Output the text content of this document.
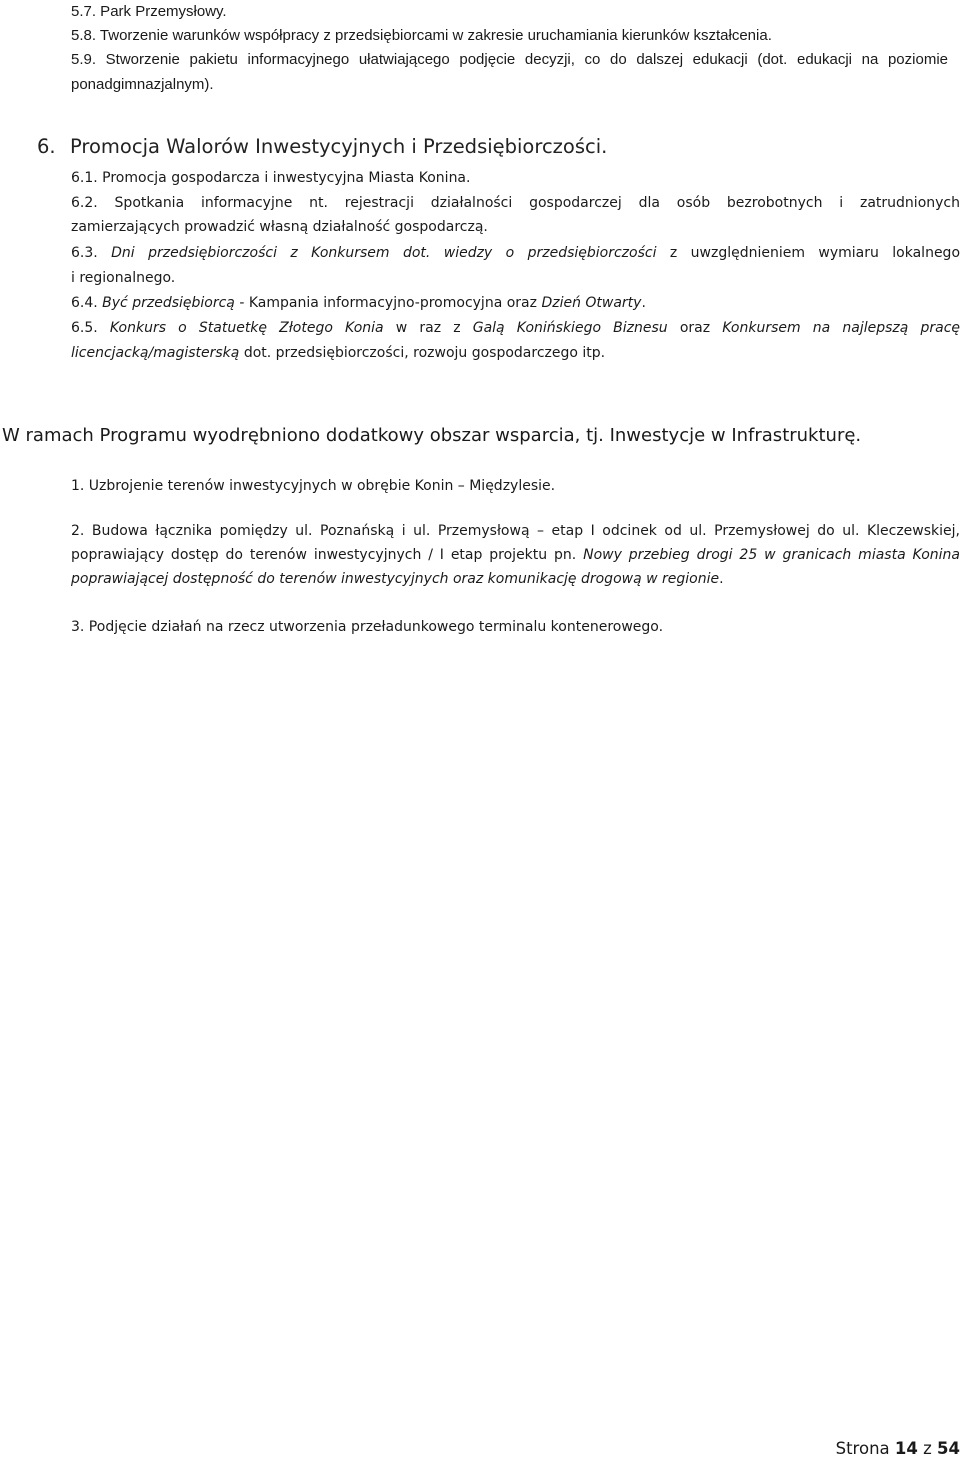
5.7. Park Przemysłowy.
5.8. Tworzenie warunków współpracy z przedsiębiorcami w zakresie uruchamiania kierunków kształcenia.
5.9. Stworzenie pakietu informacyjnego ułatwiającego podjęcie decyzji, co do dalszej edukacji (dot. edukacji na poziomie
ponadgimnazjalnym).
6. Promocja Walorów Inwestycyjnych i Przedsiębiorczości.
6.1. Promocja gospodarcza i inwestycyjna Miasta Konina.
6.2. Spotkania informacyjne nt. rejestracji działalności gospodarczej dla osób bezrobotnych i zatrudnionych
zamierzających prowadzić własną działalność gospodarczą.
6.3. Dni przedsiębiorczości z Konkursem dot. wiedzy o przedsiębiorczości z uwzględnieniem wymiaru lokalnego
i regionalnego.
6.4. Być przedsiębiorcą - Kampania informacyjno-promocyjna oraz Dzień Otwarty.
6.5. Konkurs o Statuetkę Złotego Konia w raz z Galą Konińskiego Biznesu oraz Konkursem na najlepszą pracę
licencjacką/magisterską dot. przedsiębiorczości, rozwoju gospodarczego itp.
W ramach Programu wyodrębniono dodatkowy obszar wsparcia, tj. Inwestycje w Infrastrukturę.
1. Uzbrojenie terenów inwestycyjnych w obrębie Konin – Międzylesie.
2. Budowa łącznika pomiędzy ul. Poznańską i ul. Przemysłową – etap I odcinek od ul. Przemysłowej do ul. Kleczewskiej,
poprawiający dostęp do terenów inwestycyjnych / I etap projektu pn. Nowy przebieg drogi 25 w granicach miasta Konina
poprawiającej dostępność do terenów inwestycyjnych oraz komunikację drogową w regionie.
3. Podjęcie działań na rzecz utworzenia przeładunkowego terminalu kontenerowego.
Strona 14 z 54
